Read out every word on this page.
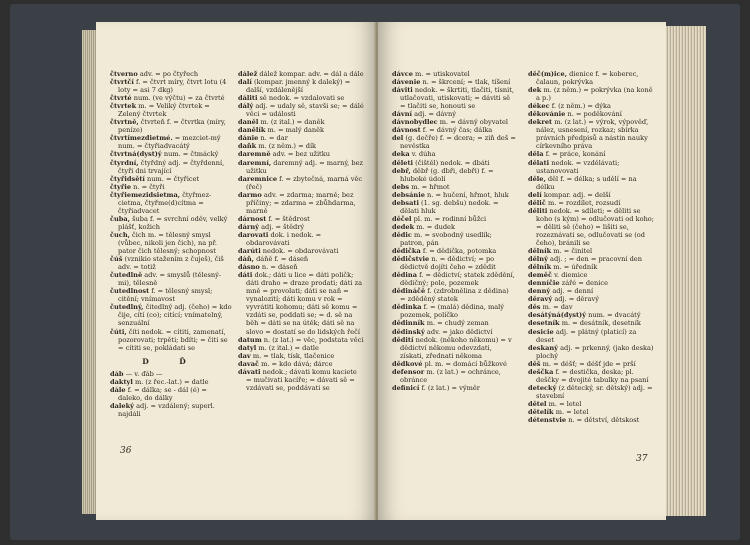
čtverno adv. = po čtyřech

čtvrtčí f. = čtvrt míry, čtvrt lotu (4 loty = asi 7 dkg)

čtvrté num. (ve výčtu) = za čtvrté

čtvrtek m. = Veliký čtvrtek = Zelený čtvrtek

čtvrtně, čtvrteň f. = čtvrtka (míry, peníze)

čtvrtímezdietmé. = mezciet-mý num. = čtyřiadvacátý

čtvrtná(dyst)ý num. = čtmácký

čtyrdní, čtyřdný adj. = čtyřdenní, čtyři dni trvající

čtyřidsětí num. = čtyřicet

čtyřie n. = čtyři

čtyřiemezidsietma, čtyřmez-cietma, čtyřme(d)cítma = čtyřiadvacet

čuba, šuba f. = svrchní oděv, velký plášť, kožich

čuch, čich m. = tělesný smysl (vůbec, nikoli jen čich), na př. pator čich tělesný; schopnost

čúš (vznikio stažením z čuješ), čiš adv. = totiž

čutedlně adv. = smyslů (tělesný-mi), tělesně

čutedlnost f. = tělesný smysl; citění; vnímavost

čutedlný, čitedlný adj. (čeho) = kdo čije, cítí (co); citící; vnímatelný, senzuální

čúti, číti nedok. = cítiti, zamenatí, pozorovati; trpěti; bdíti; = čiti se = cítiti se, pokládati se

D Ď

dáb — v. ďáb —

daktyl m. (z řec.-lat.) = datle

dále f. = dálka; se - dál (é) = daleko, do dálky

daleký adj. = vzdálený; superl. najdáli

dálež dálež kompar. adv. = dál a dále

dalí (kompar. jmenný k daleký) = další, vzdálenější

dáliti sě nedok. = vzdalovati se

dálý adj. = udaly sě, stavši se; = dálé věci = události

daněl m. (z ital.) = daněk

danělík m. = malý daněk

dánie n. = dar

daňk m. (z něm.) = dík

daremně adv. = bez užitku

daremní, daremný adj. = marný, bez užitku

daremnice f. = zbytečná, marná věc (řeč)

darmo adv. = zdarma; marně; bez příčiny; = zdarma = zbůhdarma, marně

dárnost f. = štědrost

dárný adj. = štědrý

darovati dok. i nedok. = obdarovávati

darúti nedok. = obdarovávati

dáň, dáňě f. = dáseň

dásno n. = dáseň

dáti dok.; dáti u lice = dáti poličk; dáti draho = draze prodati; dáti za mně = provolati; dáti se naň = vynalozití; dáti komu v rok = vyvrátiti kohomu; dáti sě komu = vzdáti se, poddati se; = d. sě na běh = dáti se na útěk; dáti sě na slovo = dostatí se do lidských řečí

datum n. (z lat.) = věc, podstata věci

datyl m. (z ital.) = datle

dav m. = tlak, tísk, tlačenice

davač m. = kdo dává; dárce

dávati nedok.; dávati komu kaciete = mučivati kacíře; = dávati sě = vzdávati se, poddávati se

36

dávce m. = utiskovatel

dávenie n. = škrcení; = tlak, tíšení

dáviti nedok. = škrtiti, tlačiti, tísnit, utlačovati, utiskovati; = dáviti sě = tlačiti se, honouti se

dávní adj. = dávný

dávnobydlec m. = dávný obyvatel

dávnost f. = dávný čas; dálka

del (g. dečře) f. = dcera; = ziň deš = nevěstka

deka v. dúha

děleti (čištěl) nedok. = dbáti

debř, děbř (g. dbři, debři) f. = hluboké údolí

debs m. = hřmot

debsánie n. = hučení, hřmot, hluk

debsati (1. sg. debšu) nedok. = dělati hluk

děčel pl. m. = rodinní bůžci

dedek m. = dudek

dědic m. = svobodný usedlík; patron, pán

dědička f. = dědička, potomka

dědičstvie n. = dědictví; = po dědictvě dojíti čeho = zdědit

dědina f. = dědictví; statek zdědění, dědičný; pole, pozemek

dědináčě f. (zdrobnělina z dědina) = zděděný statek

dědinka f. = (malá) dědina, malý pozemek, políčko

dědinník m. = chudý zeman

dědinský adv. = jako dědictví

dědití nedok. (někoho někomu) = v dědictví někomu odevzdati, získati, zřednati někoma

dědkové pl. m. = domácí bůžkové

defensor m. (z lat.) = ochránce, obránce

definicí f. (z lat.) = výměr

děč(m)ice, dienice f. = koberec, čalaun, pokrývka

dek m. (z něm.) = pokrývka (na koně a p.)

dékec f. (z něm.) = dýka

děkovánie n. = poděkování

dekret m. (z lat.) = výrok, výpověď, nález, usnesení, rozkaz; sbírka právních předpisů a nástin nauky církevního práva

děla f. = práce, konání

dělati nedok. = vzdělávati; ustanovovati

děle, děl f. = délka; s udělí = na délku

delí kompar. adj. = delší

dělič m. = rozdílet, rozsudí

děliti nedok. = sdíleti; = děliti se koho (s kým) = odlučovati od koho; = děliti sě (čeho) = lišiti se, rozeznávati se, odlučovati se (od čeho), bránili se

dělník m. = činitel

dělný adj. ; = den = pracovní den

dělník m. = úředník

deměč v. diemice

denníčie zářé = denice

denný adj. = denní

děravý adj. = děravý

děs m. = dav

desátýná(dyst)ý num. = dvacátý

desetník m. = desátník, desetník

desicie adj. = plátný (platicí) za deset

deskaný adj. = prkenný, (jako deska) plochý

děš m. = déšť; = déšť jde = prší

deščka f. = destička, deska; pl. deščky = dvojité tabulky na psaní

detecký (z dětecký, sr. dětský) adj. = stavební

dětel m. = letel

dětelík m. = letel

détenstvie n. = dětství, dětskost

37
